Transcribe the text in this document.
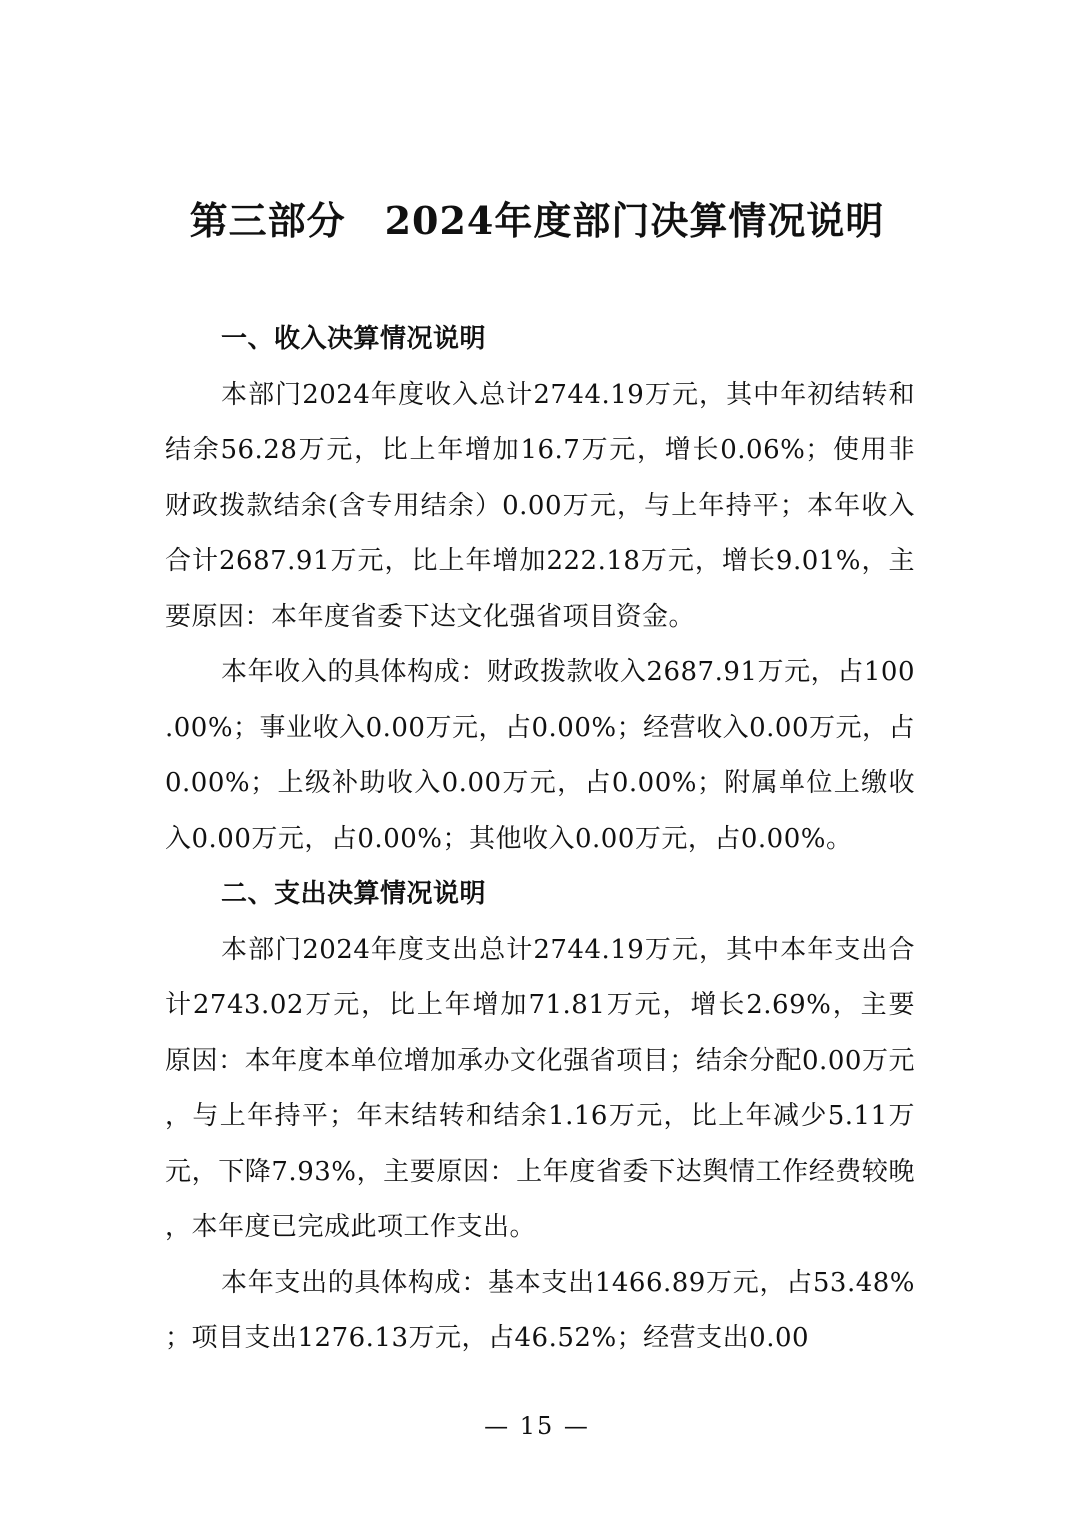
第三部分　2024年度部门决算情况说明

一、收入决算情况说明

本部门2024年度收入总计2744.19万元，其中年初结转和结余56.28万元，比上年增加16.7万元，增长0.06%；使用非财政拨款结余(含专用结余）0.00万元，与上年持平；本年收入合计2687.91万元，比上年增加222.18万元，增长9.01%，主要原因：本年度省委下达文化强省项目资金。

本年收入的具体构成：财政拨款收入2687.91万元，占100.00%；事业收入0.00万元，占0.00%；经营收入0.00万元，占0.00%；上级补助收入0.00万元，占0.00%；附属单位上缴收入0.00万元，占0.00%；其他收入0.00万元，占0.00%。

二、支出决算情况说明

本部门2024年度支出总计2744.19万元，其中本年支出合计2743.02万元，比上年增加71.81万元，增长2.69%，主要原因：本年度本单位增加承办文化强省项目；结余分配0.00万元，与上年持平；年末结转和结余1.16万元，比上年减少5.11万元，下降7.93%，主要原因：上年度省委下达舆情工作经费较晚，本年度已完成此项工作支出。

本年支出的具体构成：基本支出1466.89万元，占53.48%；项目支出1276.13万元，占46.52%；经营支出0.00

— 15 —
